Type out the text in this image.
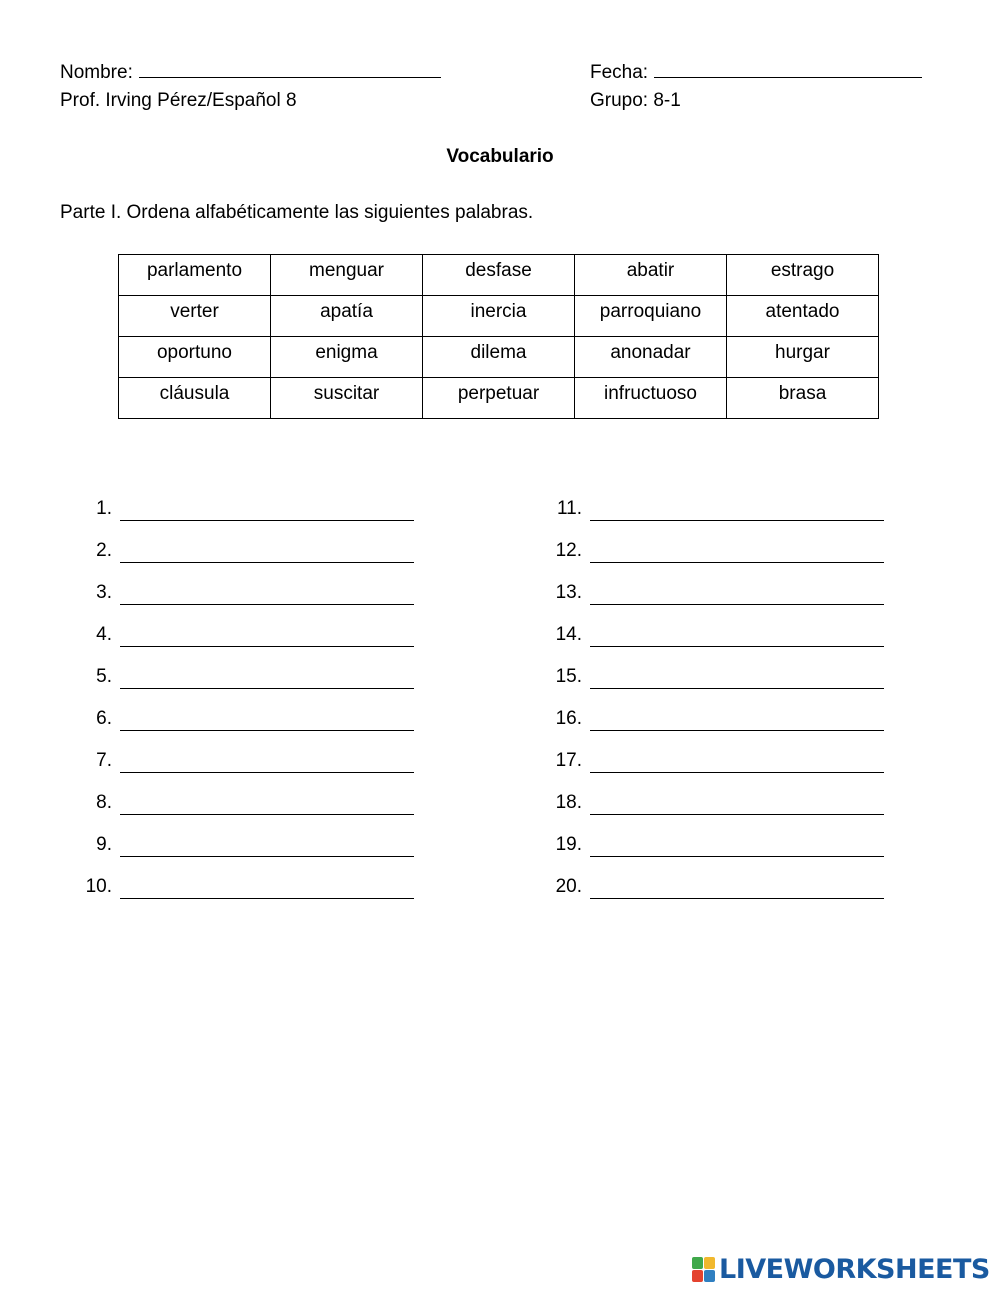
Nombre:	Fecha:
Prof. Irving Pérez/Español 8	Grupo: 8-1
Vocabulario
Parte I. Ordena alfabéticamente las siguientes palabras.
parlamento	menguar	desfase	abatir	estrago
verter	apatía	inercia	parroquiano	atentado
oportuno	enigma	dilema	anonadar	hurgar
cláusula	suscitar	perpetuar	infructuoso	brasa
1.
2.
3.
4.
5.
6.
7.
8.
9.
10.
11.
12.
13.
14.
15.
16.
17.
18.
19.
20.
LIVEWORKSHEETS
